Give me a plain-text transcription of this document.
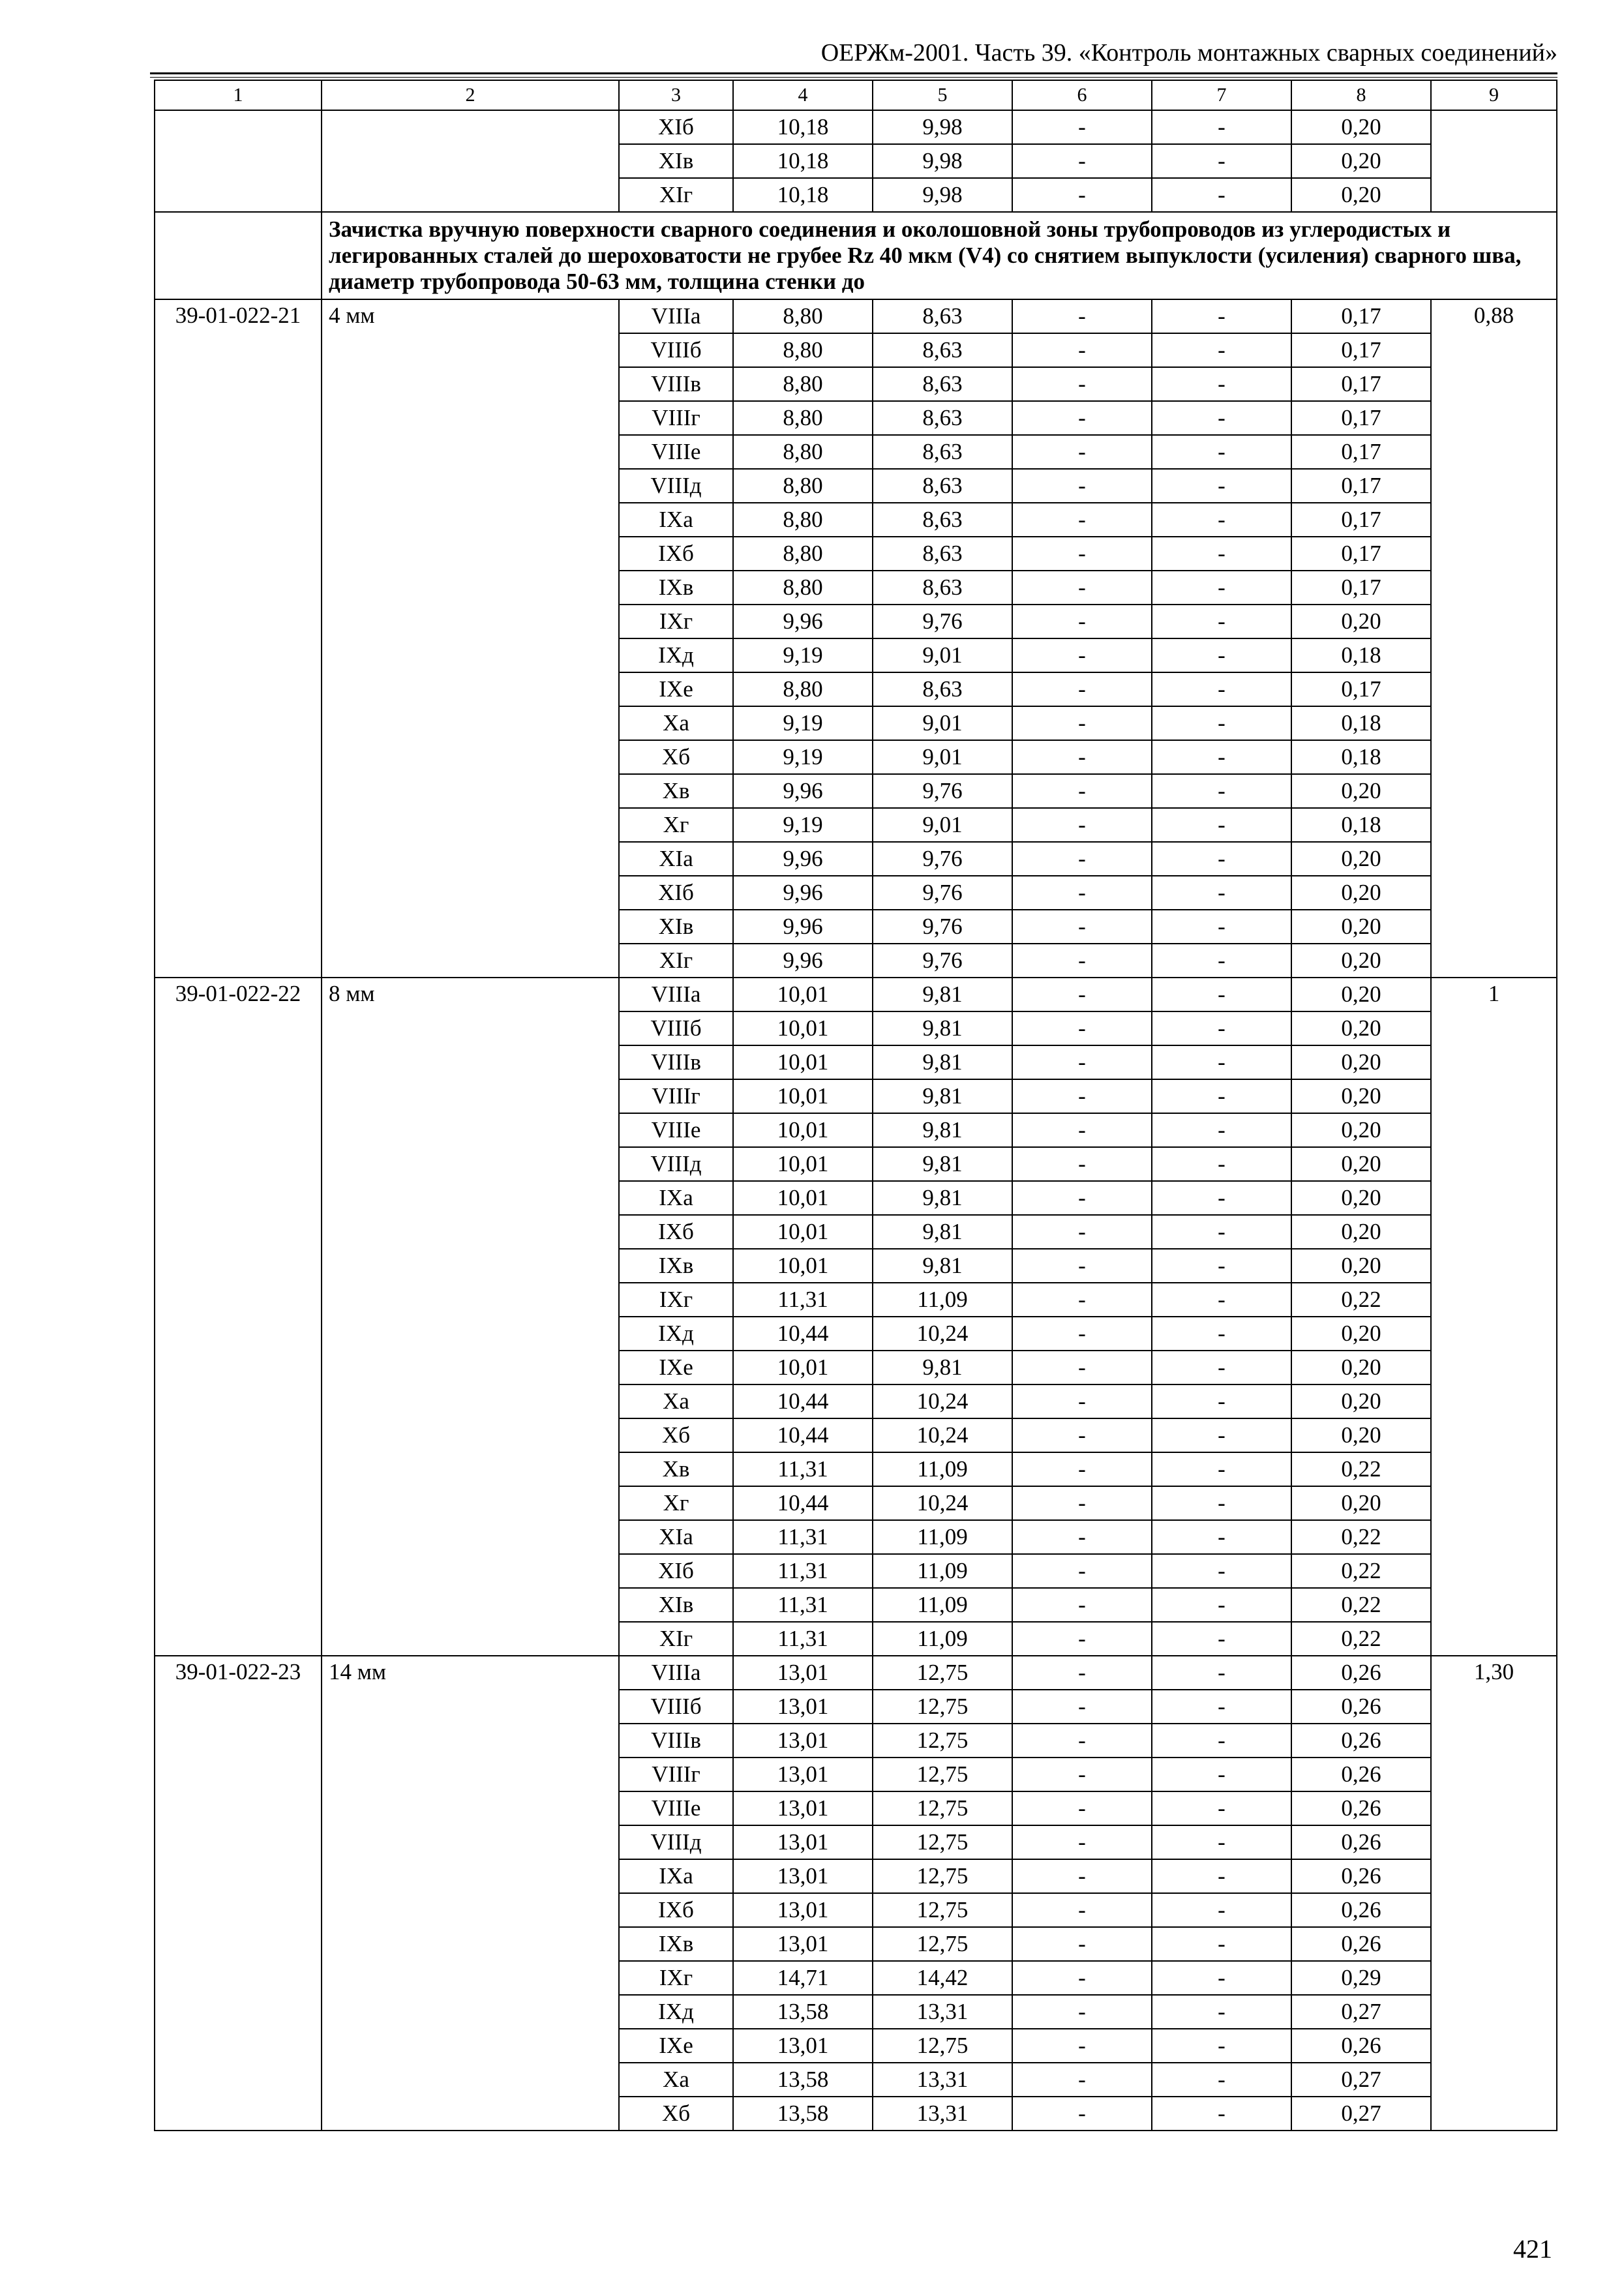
ОЕРЖм-2001. Часть 39. «Контроль монтажных сварных соединений»
1	2	3	4	5	6	7	8	9
		XIб	10,18	9,98	-	-	0,20	
		XIв	10,18	9,98	-	-	0,20	
		XIг	10,18	9,98	-	-	0,20	
	Зачистка вручную поверхности сварного соединения и околошовной зоны трубопроводов из углеродистых и легированных сталей до шероховатости не грубее Rz 40 мкм (V4) со снятием выпуклости (усиления) сварного шва, диаметр трубопровода 50-63 мм, толщина стенки до							
39-01-022-21	4 мм	VIIIа	8,80	8,63	-	-	0,17	0,88
		VIIIб	8,80	8,63	-	-	0,17	
		VIIIв	8,80	8,63	-	-	0,17	
		VIIIг	8,80	8,63	-	-	0,17	
		VIIIе	8,80	8,63	-	-	0,17	
		VIIIд	8,80	8,63	-	-	0,17	
		IXа	8,80	8,63	-	-	0,17	
		IXб	8,80	8,63	-	-	0,17	
		IXв	8,80	8,63	-	-	0,17	
		IXг	9,96	9,76	-	-	0,20	
		IXд	9,19	9,01	-	-	0,18	
		IXе	8,80	8,63	-	-	0,17	
		Xа	9,19	9,01	-	-	0,18	
		Xб	9,19	9,01	-	-	0,18	
		Xв	9,96	9,76	-	-	0,20	
		Xг	9,19	9,01	-	-	0,18	
		XIа	9,96	9,76	-	-	0,20	
		XIб	9,96	9,76	-	-	0,20	
		XIв	9,96	9,76	-	-	0,20	
		XIг	9,96	9,76	-	-	0,20	
39-01-022-22	8 мм	VIIIа	10,01	9,81	-	-	0,20	1
		VIIIб	10,01	9,81	-	-	0,20	
		VIIIв	10,01	9,81	-	-	0,20	
		VIIIг	10,01	9,81	-	-	0,20	
		VIIIе	10,01	9,81	-	-	0,20	
		VIIIд	10,01	9,81	-	-	0,20	
		IXа	10,01	9,81	-	-	0,20	
		IXб	10,01	9,81	-	-	0,20	
		IXв	10,01	9,81	-	-	0,20	
		IXг	11,31	11,09	-	-	0,22	
		IXд	10,44	10,24	-	-	0,20	
		IXе	10,01	9,81	-	-	0,20	
		Xа	10,44	10,24	-	-	0,20	
		Xб	10,44	10,24	-	-	0,20	
		Xв	11,31	11,09	-	-	0,22	
		Xг	10,44	10,24	-	-	0,20	
		XIа	11,31	11,09	-	-	0,22	
		XIб	11,31	11,09	-	-	0,22	
		XIв	11,31	11,09	-	-	0,22	
		XIг	11,31	11,09	-	-	0,22	
39-01-022-23	14 мм	VIIIа	13,01	12,75	-	-	0,26	1,30
		VIIIб	13,01	12,75	-	-	0,26	
		VIIIв	13,01	12,75	-	-	0,26	
		VIIIг	13,01	12,75	-	-	0,26	
		VIIIе	13,01	12,75	-	-	0,26	
		VIIIд	13,01	12,75	-	-	0,26	
		IXа	13,01	12,75	-	-	0,26	
		IXб	13,01	12,75	-	-	0,26	
		IXв	13,01	12,75	-	-	0,26	
		IXг	14,71	14,42	-	-	0,29	
		IXд	13,58	13,31	-	-	0,27	
		IXе	13,01	12,75	-	-	0,26	
		Xа	13,58	13,31	-	-	0,27	
		Xб	13,58	13,31	-	-	0,27	
421
